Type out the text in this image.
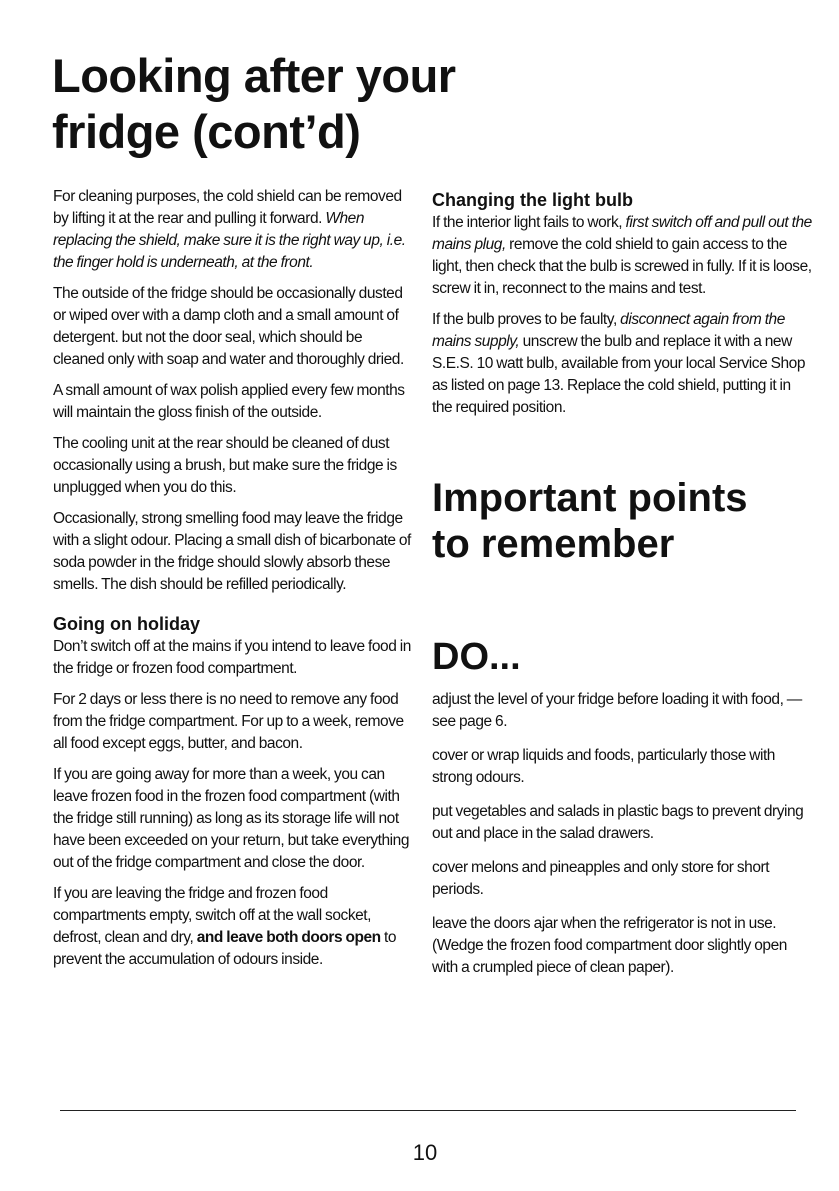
Looking after your
fridge (cont’d)

For cleaning purposes, the cold shield can be removed by lifting it at the rear and pulling it forward. When replacing the shield, make sure it is the right way up, i.e. the finger hold is underneath, at the front.

The outside of the fridge should be occasionally dusted or wiped over with a damp cloth and a small amount of detergent. but not the door seal, which should be cleaned only with soap and water and thoroughly dried.

A small amount of wax polish applied every few months will maintain the gloss finish of the outside.

The cooling unit at the rear should be cleaned of dust occasionally using a brush, but make sure the fridge is unplugged when you do this.

Occasionally, strong smelling food may leave the fridge with a slight odour. Placing a small dish of bicarbonate of soda powder in the fridge should slowly absorb these smells. The dish should be refilled periodically.

Going on holiday

Don’t switch off at the mains if you intend to leave food in the fridge or frozen food compartment.

For 2 days or less there is no need to remove any food from the fridge compartment. For up to a week, remove all food except eggs, butter, and bacon.

If you are going away for more than a week, you can leave frozen food in the frozen food compartment (with the fridge still running) as long as its storage life will not have been exceeded on your return, but take everything out of the fridge compartment and close the door.

If you are leaving the fridge and frozen food compartments empty, switch off at the wall socket, defrost, clean and dry, and leave both doors open to prevent the accumulation of odours inside.

Changing the light bulb

If the interior light fails to work, first switch off and pull out the mains plug, remove the cold shield to gain access to the light, then check that the bulb is screwed in fully. If it is loose, screw it in, reconnect to the mains and test.

If the bulb proves to be faulty, disconnect again from the mains supply, unscrew the bulb and replace it with a new S.E.S. 10 watt bulb, available from your local Service Shop as listed on page 13. Replace the cold shield, putting it in the required position.

Important points
to remember
DO...

adjust the level of your fridge before loading it with food, — see page 6.

cover or wrap liquids and foods, particularly those with strong odours.

put vegetables and salads in plastic bags to prevent drying out and place in the salad drawers.

cover melons and pineapples and only store for short periods.

leave the doors ajar when the refrigerator is not in use. (Wedge the frozen food compartment door slightly open with a crumpled piece of clean paper).

10
